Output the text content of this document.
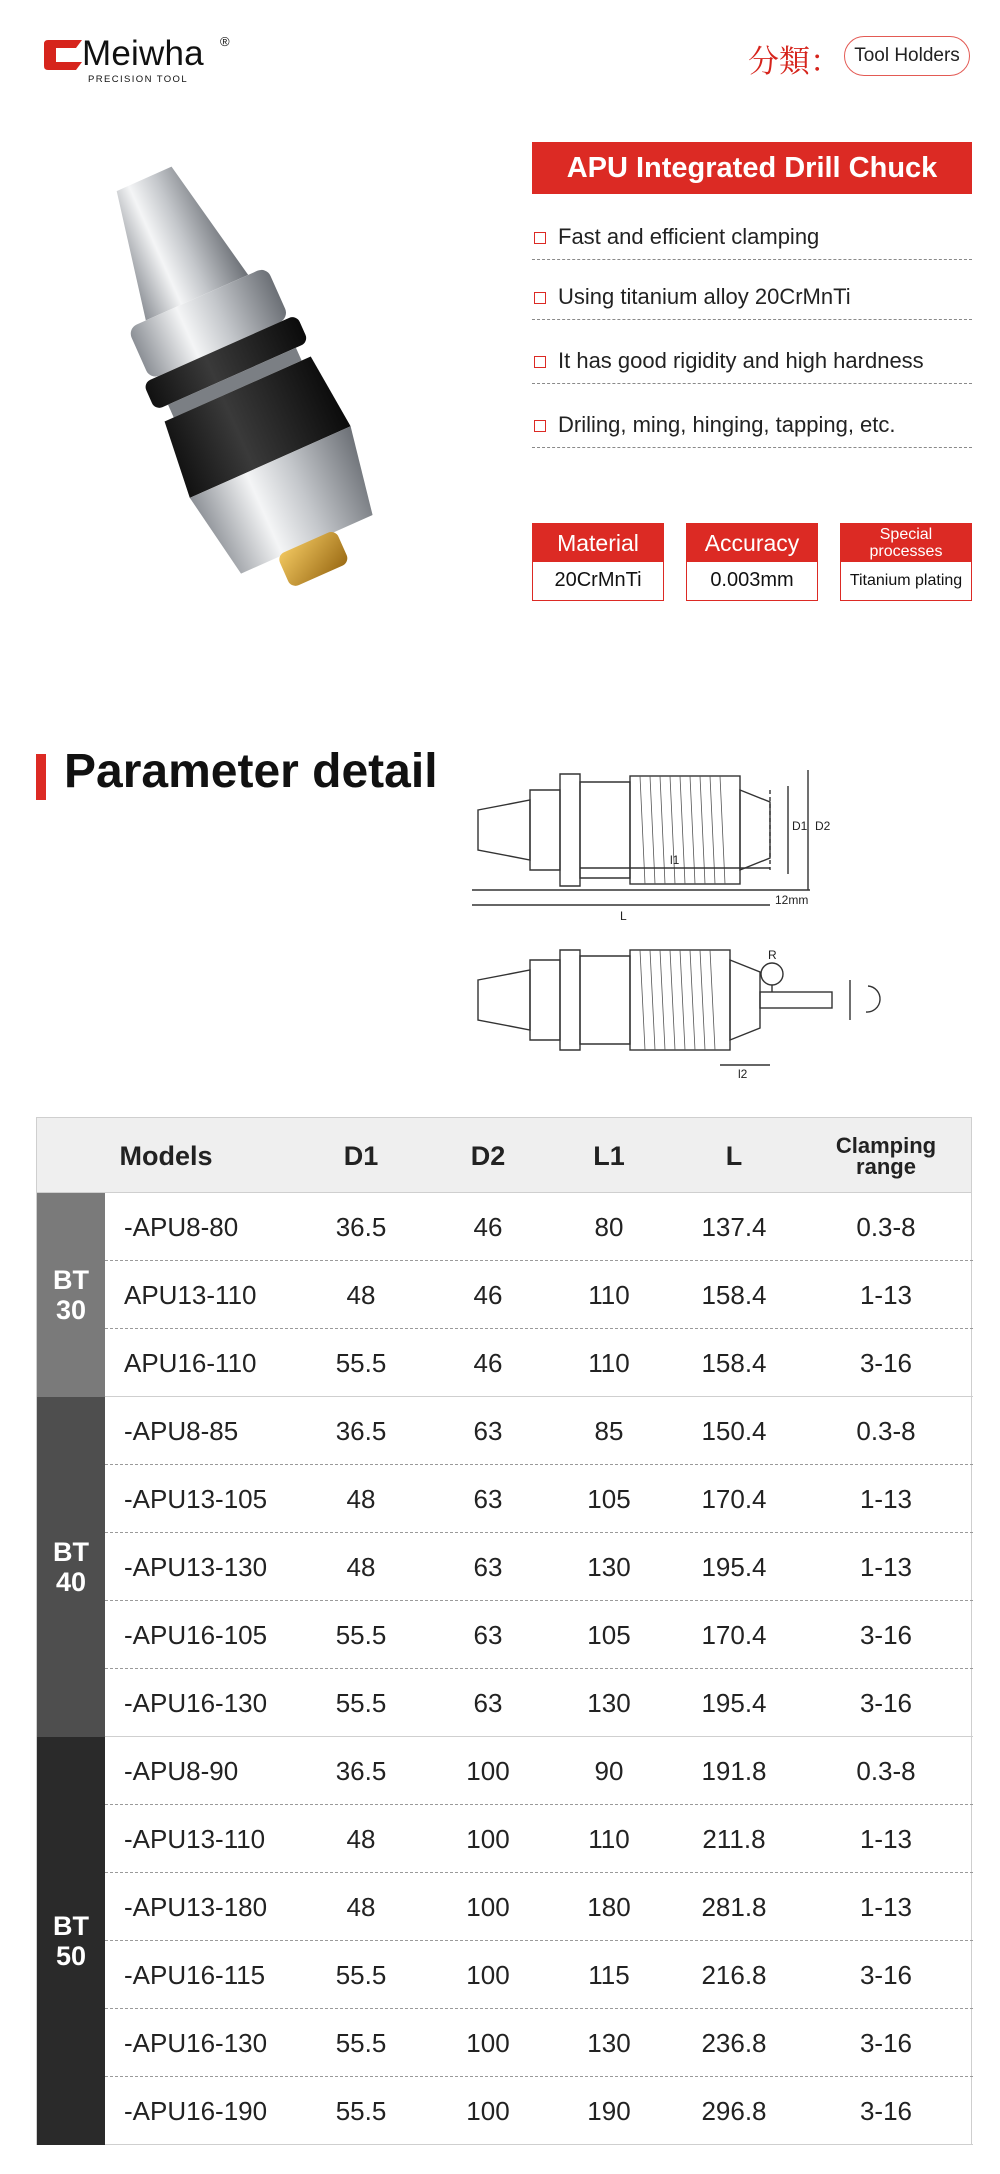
Meiwha ®
PRECISION TOOL	分類： Tool Holders
APU Integrated Drill Chuck
Fast and efficient clamping
Using titanium alloy 20CrMnTi
It has good rigidity and high hardness
Driling, ming, hinging, tapping, etc.
Material
20CrMnTi
Accuracy
0.003mm
Special
processes
Titanium plating
Parameter detail
D1 D2
l1
L
12mm
R
l2
Models	D1	D2	L1	L	Clamping
range
BT
30
-APU8-80	36.5	46	80	137.4	0.3-8
APU13-110	48	46	110	158.4	1-13
APU16-110	55.5	46	110	158.4	3-16
BT
40
-APU8-85	36.5	63	85	150.4	0.3-8
-APU13-105	48	63	105	170.4	1-13
-APU13-130	48	63	130	195.4	1-13
-APU16-105	55.5	63	105	170.4	3-16
-APU16-130	55.5	63	130	195.4	3-16
BT
50
-APU8-90	36.5	100	90	191.8	0.3-8
-APU13-110	48	100	110	211.8	1-13
-APU13-180	48	100	180	281.8	1-13
-APU16-115	55.5	100	115	216.8	3-16
-APU16-130	55.5	100	130	236.8	3-16
-APU16-190	55.5	100	190	296.8	3-16
